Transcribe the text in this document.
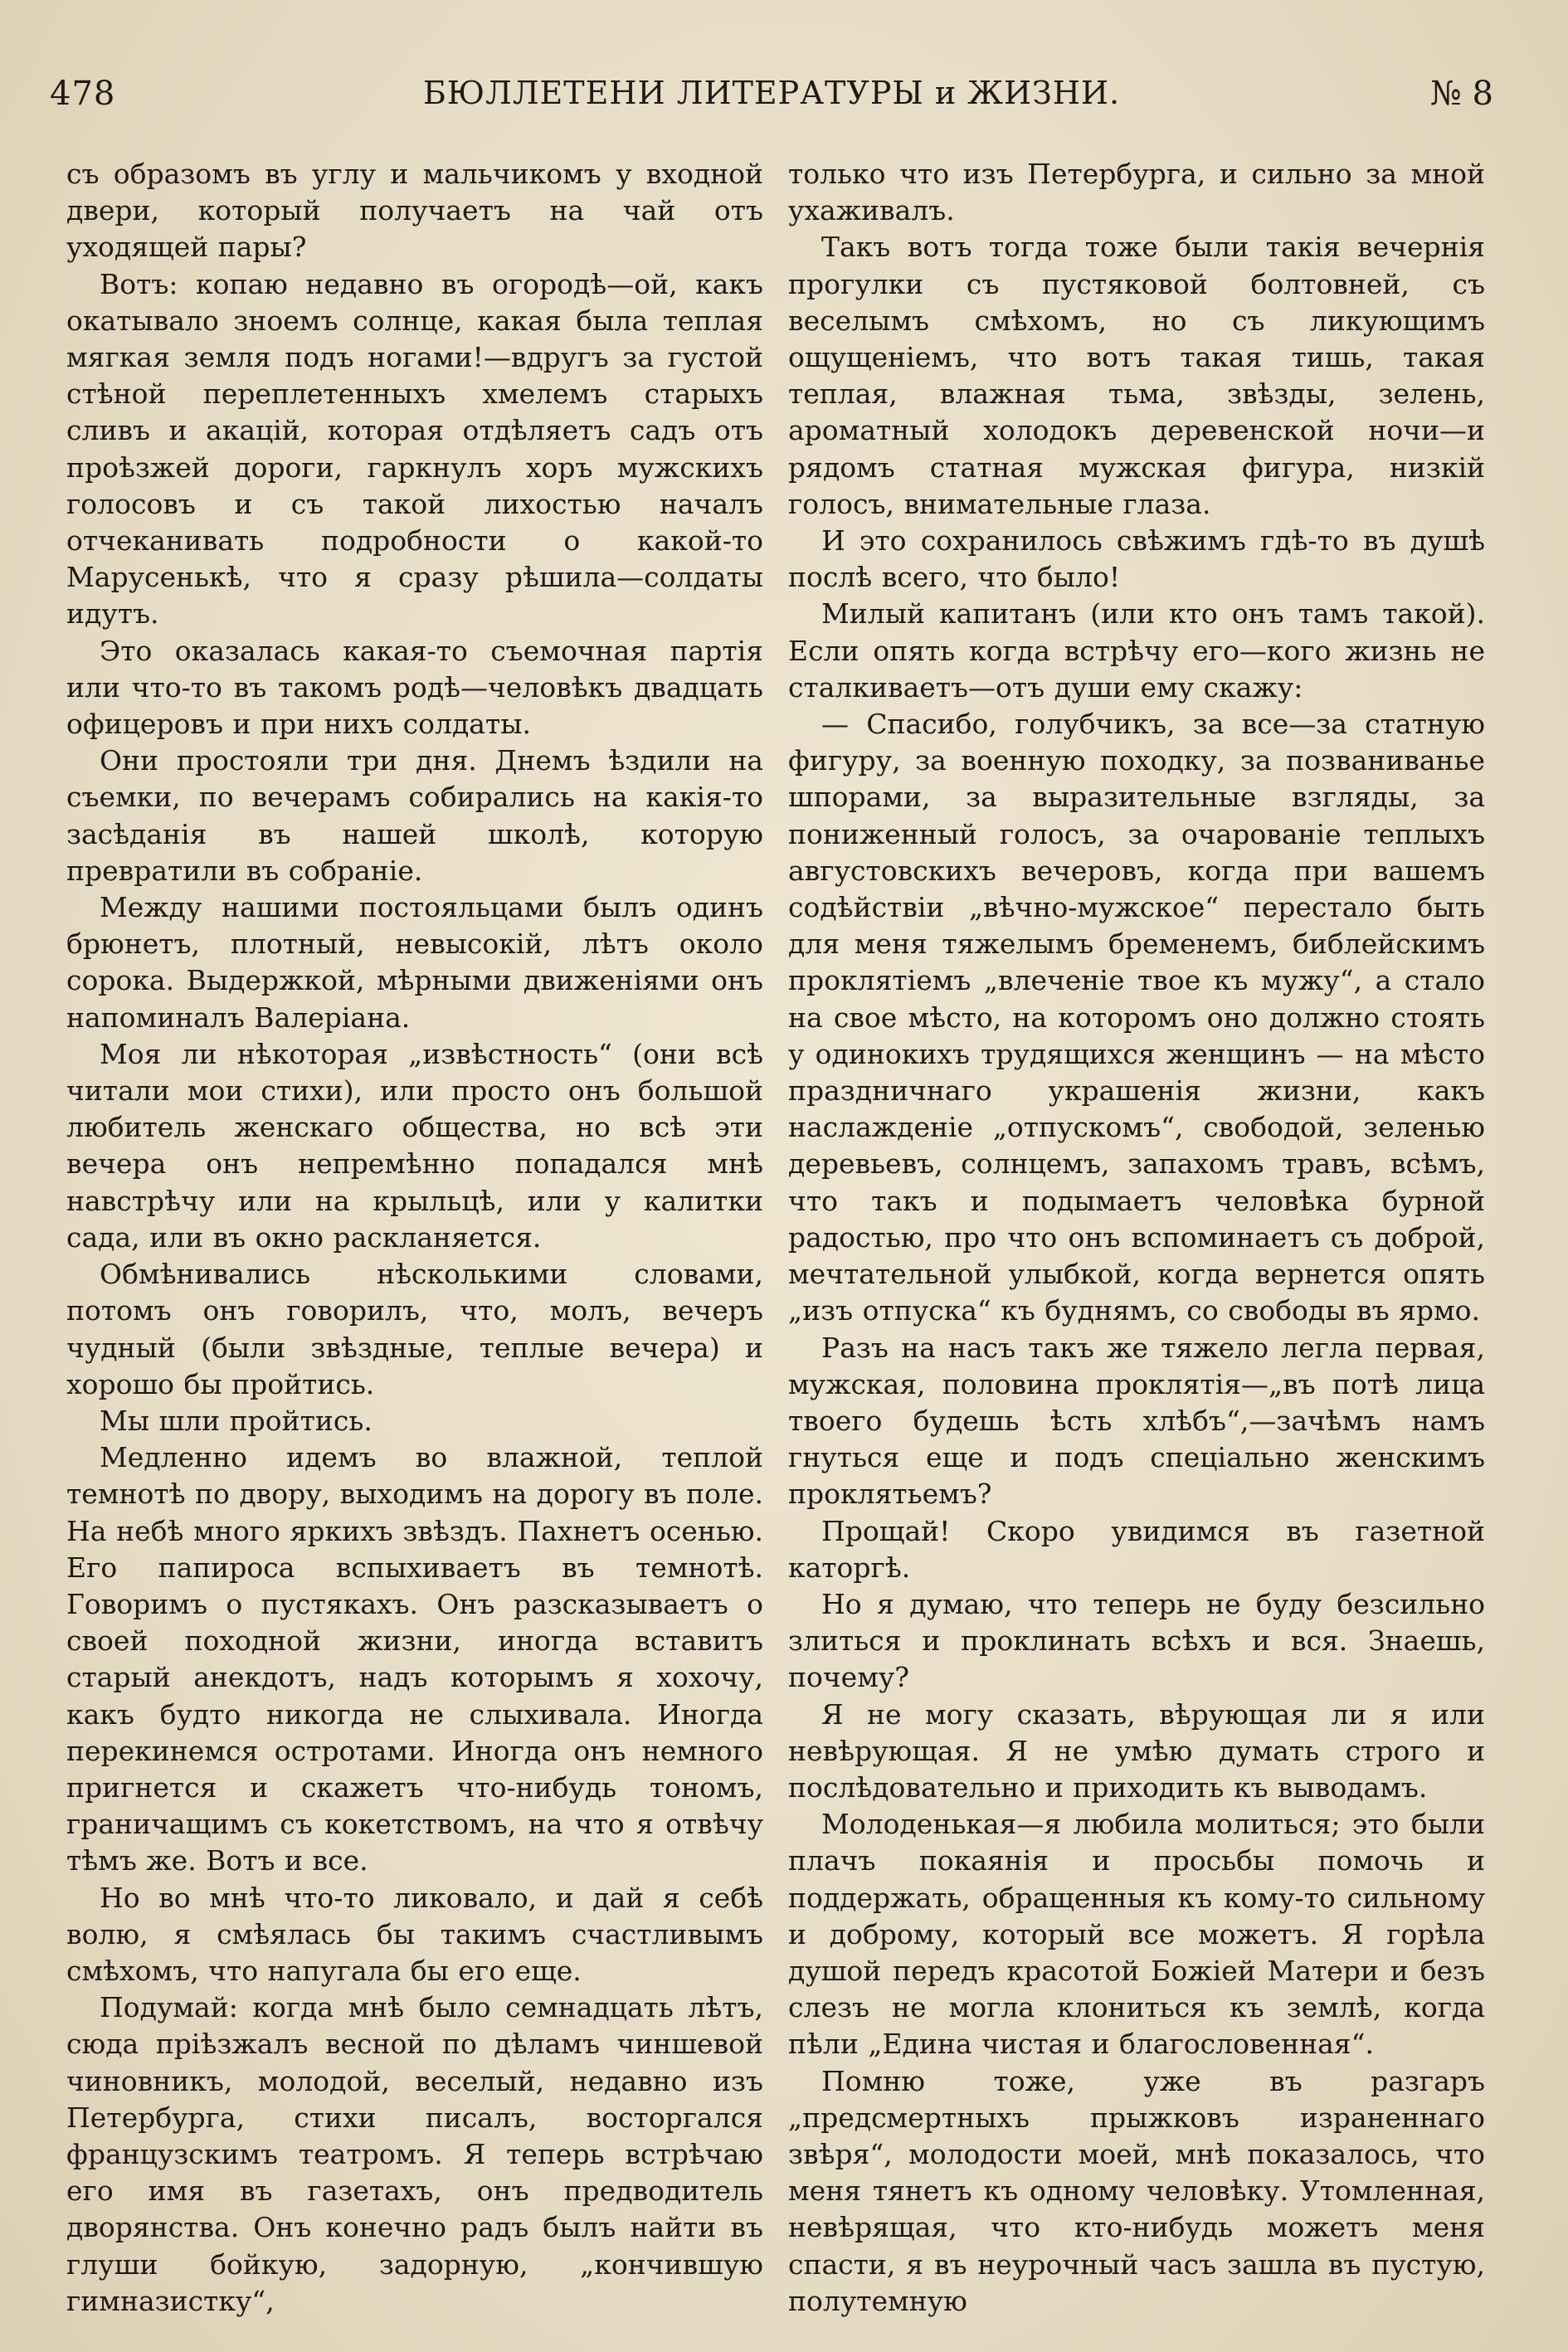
478	БЮЛЛЕТЕНИ ЛИТЕРАТУРЫ и ЖИЗНИ.	№ 8

съ образомъ въ углу и мальчикомъ у входной двери, который получаетъ на чай отъ уходящей пары?

Вотъ: копаю недавно въ огородѣ—ой, какъ окатывало зноемъ солнце, какая была теплая мягкая земля подъ ногами!—вдругъ за густой стѣной переплетенныхъ хмелемъ старыхъ сливъ и акацій, которая отдѣляетъ садъ отъ проѣзжей дороги, гаркнулъ хоръ мужскихъ голосовъ и съ такой лихостью началъ отчеканивать подробности о какой-то Марусенькѣ, что я сразу рѣшила—солдаты идутъ.

Это оказалась какая-то съемочная партія или что-то въ такомъ родѣ—человѣкъ двадцать офицеровъ и при нихъ солдаты.

Они простояли три дня. Днемъ ѣздили на съемки, по вечерамъ собирались на какія-то засѣданія въ нашей школѣ, которую превратили въ собраніе.

Между нашими постояльцами былъ одинъ брюнетъ, плотный, невысокій, лѣтъ около сорока. Выдержкой, мѣрными движеніями онъ напоминалъ Валеріана.

Моя ли нѣкоторая „извѣстность“ (они всѣ читали мои стихи), или просто онъ большой любитель женскаго общества, но всѣ эти вечера онъ непремѣнно попадался мнѣ навстрѣчу или на крыльцѣ, или у калитки сада, или въ окно раскланяется.

Обмѣнивались нѣсколькими словами, потомъ онъ говорилъ, что, молъ, вечеръ чудный (были звѣздные, теплые вечера) и хорошо бы пройтись.

Мы шли пройтись.

Медленно идемъ во влажной, теплой темнотѣ по двору, выходимъ на дорогу въ поле. На небѣ много яркихъ звѣздъ. Пахнетъ осенью. Его папироса вспыхиваетъ въ темнотѣ. Говоримъ о пустякахъ. Онъ разсказываетъ о своей походной жизни, иногда вставитъ старый анекдотъ, надъ которымъ я хохочу, какъ будто никогда не слыхивала. Иногда перекинемся остротами. Иногда онъ немного пригнется и скажетъ что-нибудь тономъ, граничащимъ съ кокетствомъ, на что я отвѣчу тѣмъ же. Вотъ и все.

Но во мнѣ что-то ликовало, и дай я себѣ волю, я смѣялась бы такимъ счастливымъ смѣхомъ, что напугала бы его еще.

Подумай: когда мнѣ было семнадцать лѣтъ, сюда пріѣзжалъ весной по дѣламъ чиншевой чиновникъ, молодой, веселый, недавно изъ Петербурга, стихи писалъ, восторгался французскимъ театромъ. Я теперь встрѣчаю его имя въ газетахъ, онъ предводитель дворянства. Онъ конечно радъ былъ найти въ глуши бойкую, задорную, „кончившую гимназистку“,

только что изъ Петербурга, и сильно за мной ухаживалъ.

Такъ вотъ тогда тоже были такія вечернія прогулки съ пустяковой болтовней, съ веселымъ смѣхомъ, но съ ликующимъ ощущеніемъ, что вотъ такая тишь, такая теплая, влажная тьма, звѣзды, зелень, ароматный холодокъ деревенской ночи—и рядомъ статная мужская фигура, низкій голосъ, внимательные глаза.

И это сохранилось свѣжимъ гдѣ-то въ душѣ послѣ всего, что было!

Милый капитанъ (или кто онъ тамъ такой). Если опять когда встрѣчу его—кого жизнь не сталкиваетъ—отъ души ему скажу:

— Спасибо, голубчикъ, за все—за статную фигуру, за военную походку, за позваниванье шпорами, за выразительные взгляды, за пониженный голосъ, за очарованіе теплыхъ августовскихъ вечеровъ, когда при вашемъ содѣйствіи „вѣчно-мужское“ перестало быть для меня тяжелымъ бременемъ, библейскимъ проклятіемъ „влеченіе твое къ мужу“, а стало на свое мѣсто, на которомъ оно должно стоять у одинокихъ трудящихся женщинъ — на мѣсто праздничнаго украшенія жизни, какъ наслажденіе „отпускомъ“, свободой, зеленью деревьевъ, солнцемъ, запахомъ травъ, всѣмъ, что такъ и подымаетъ человѣка бурной радостью, про что онъ вспоминаетъ съ доброй, мечтательной улыбкой, когда вернется опять „изъ отпуска“ къ буднямъ, со свободы въ ярмо.

Разъ на насъ такъ же тяжело легла первая, мужская, половина проклятія—„въ потѣ лица твоего будешь ѣсть хлѣбъ“,—зачѣмъ намъ гнуться еще и подъ спеціально женскимъ проклятьемъ?

Прощай! Скоро увидимся въ газетной каторгѣ.

Но я думаю, что теперь не буду безсильно злиться и проклинать всѣхъ и вся. Знаешь, почему?

Я не могу сказать, вѣрующая ли я или невѣрующая. Я не умѣю думать строго и послѣдовательно и приходить къ выводамъ.

Молоденькая—я любила молиться; это были плачъ покаянія и просьбы помочь и поддержать, обращенныя къ кому-то сильному и доброму, который все можетъ. Я горѣла душой передъ красотой Божіей Матери и безъ слезъ не могла клониться къ землѣ, когда пѣли „Едина чистая и благословенная“.

Помню тоже, уже въ разгаръ „предсмертныхъ прыжковъ израненнаго звѣря“, молодости моей, мнѣ показалось, что меня тянетъ къ одному человѣку. Утомленная, невѣрящая, что кто-нибудь можетъ меня спасти, я въ неурочный часъ зашла въ пустую, полутемную
